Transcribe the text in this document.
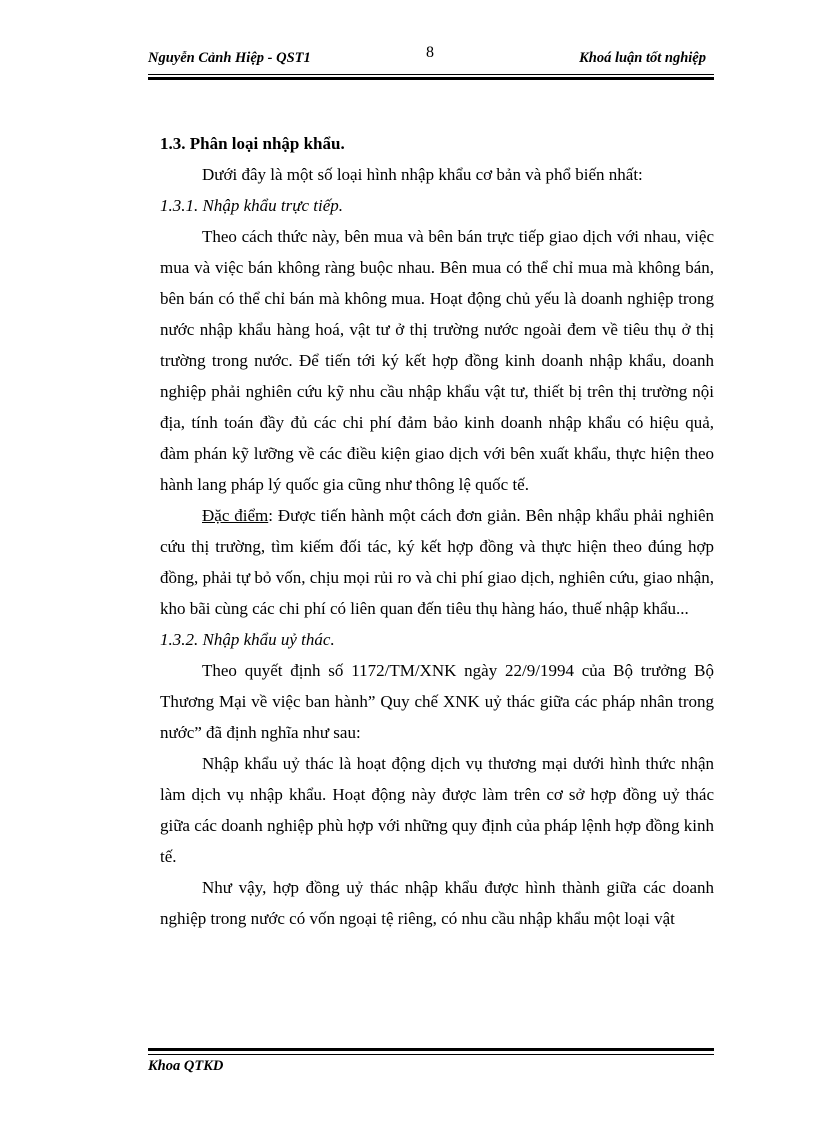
Nguyễn Cảnh Hiệp - QST1	8	Khoá luận tốt nghiệp

1.3. Phân loại nhập khẩu.

Dưới đây là một số loại hình nhập khẩu cơ bản và phổ biến nhất:

1.3.1. Nhập khẩu trực tiếp.

Theo cách thức này, bên mua và bên bán trực tiếp giao dịch với nhau, việc mua và việc bán không ràng buộc nhau. Bên mua có thể chỉ mua mà không bán, bên bán có thể chỉ bán mà không mua. Hoạt động chủ yếu là doanh nghiệp trong nước nhập khẩu hàng hoá, vật tư ở thị trường nước ngoài đem về tiêu thụ ở thị trường trong nước. Để tiến tới ký kết hợp đồng kinh doanh nhập khẩu, doanh nghiệp phải nghiên cứu kỹ nhu cầu nhập khẩu vật tư, thiết bị trên thị trường nội địa, tính toán đầy đủ các chi phí đảm bảo kinh doanh nhập khẩu có hiệu quả, đàm phán kỹ lưỡng về các điều kiện giao dịch với bên xuất khẩu, thực hiện theo hành lang pháp lý quốc gia cũng như thông lệ quốc tế.

Đặc điểm: Được tiến hành một cách đơn giản. Bên nhập khẩu phải nghiên cứu thị trường, tìm kiếm đối tác, ký kết hợp đồng và thực hiện theo đúng hợp đồng, phải tự bỏ vốn, chịu mọi rủi ro và chi phí giao dịch, nghiên cứu, giao nhận, kho bãi cùng các chi phí có liên quan đến tiêu thụ hàng háo, thuế nhập khẩu...

1.3.2. Nhập khẩu uỷ thác.

Theo quyết định số 1172/TM/XNK ngày 22/9/1994 của Bộ trưởng Bộ Thương Mại về việc ban hành” Quy chế XNK uỷ thác giữa các pháp nhân trong nước” đã định nghĩa như sau:

Nhập khẩu uỷ thác là hoạt động dịch vụ thương mại dưới hình thức nhận làm dịch vụ nhập khẩu. Hoạt động này được làm trên cơ sở hợp đồng uỷ thác giữa các doanh nghiệp phù hợp với những quy định của pháp lệnh hợp đồng kinh tế.

Như vậy, hợp đồng uỷ thác nhập khẩu được hình thành giữa các doanh nghiệp trong nước có vốn ngoại tệ riêng, có nhu cầu nhập khẩu một loại vật

Khoa QTKD
